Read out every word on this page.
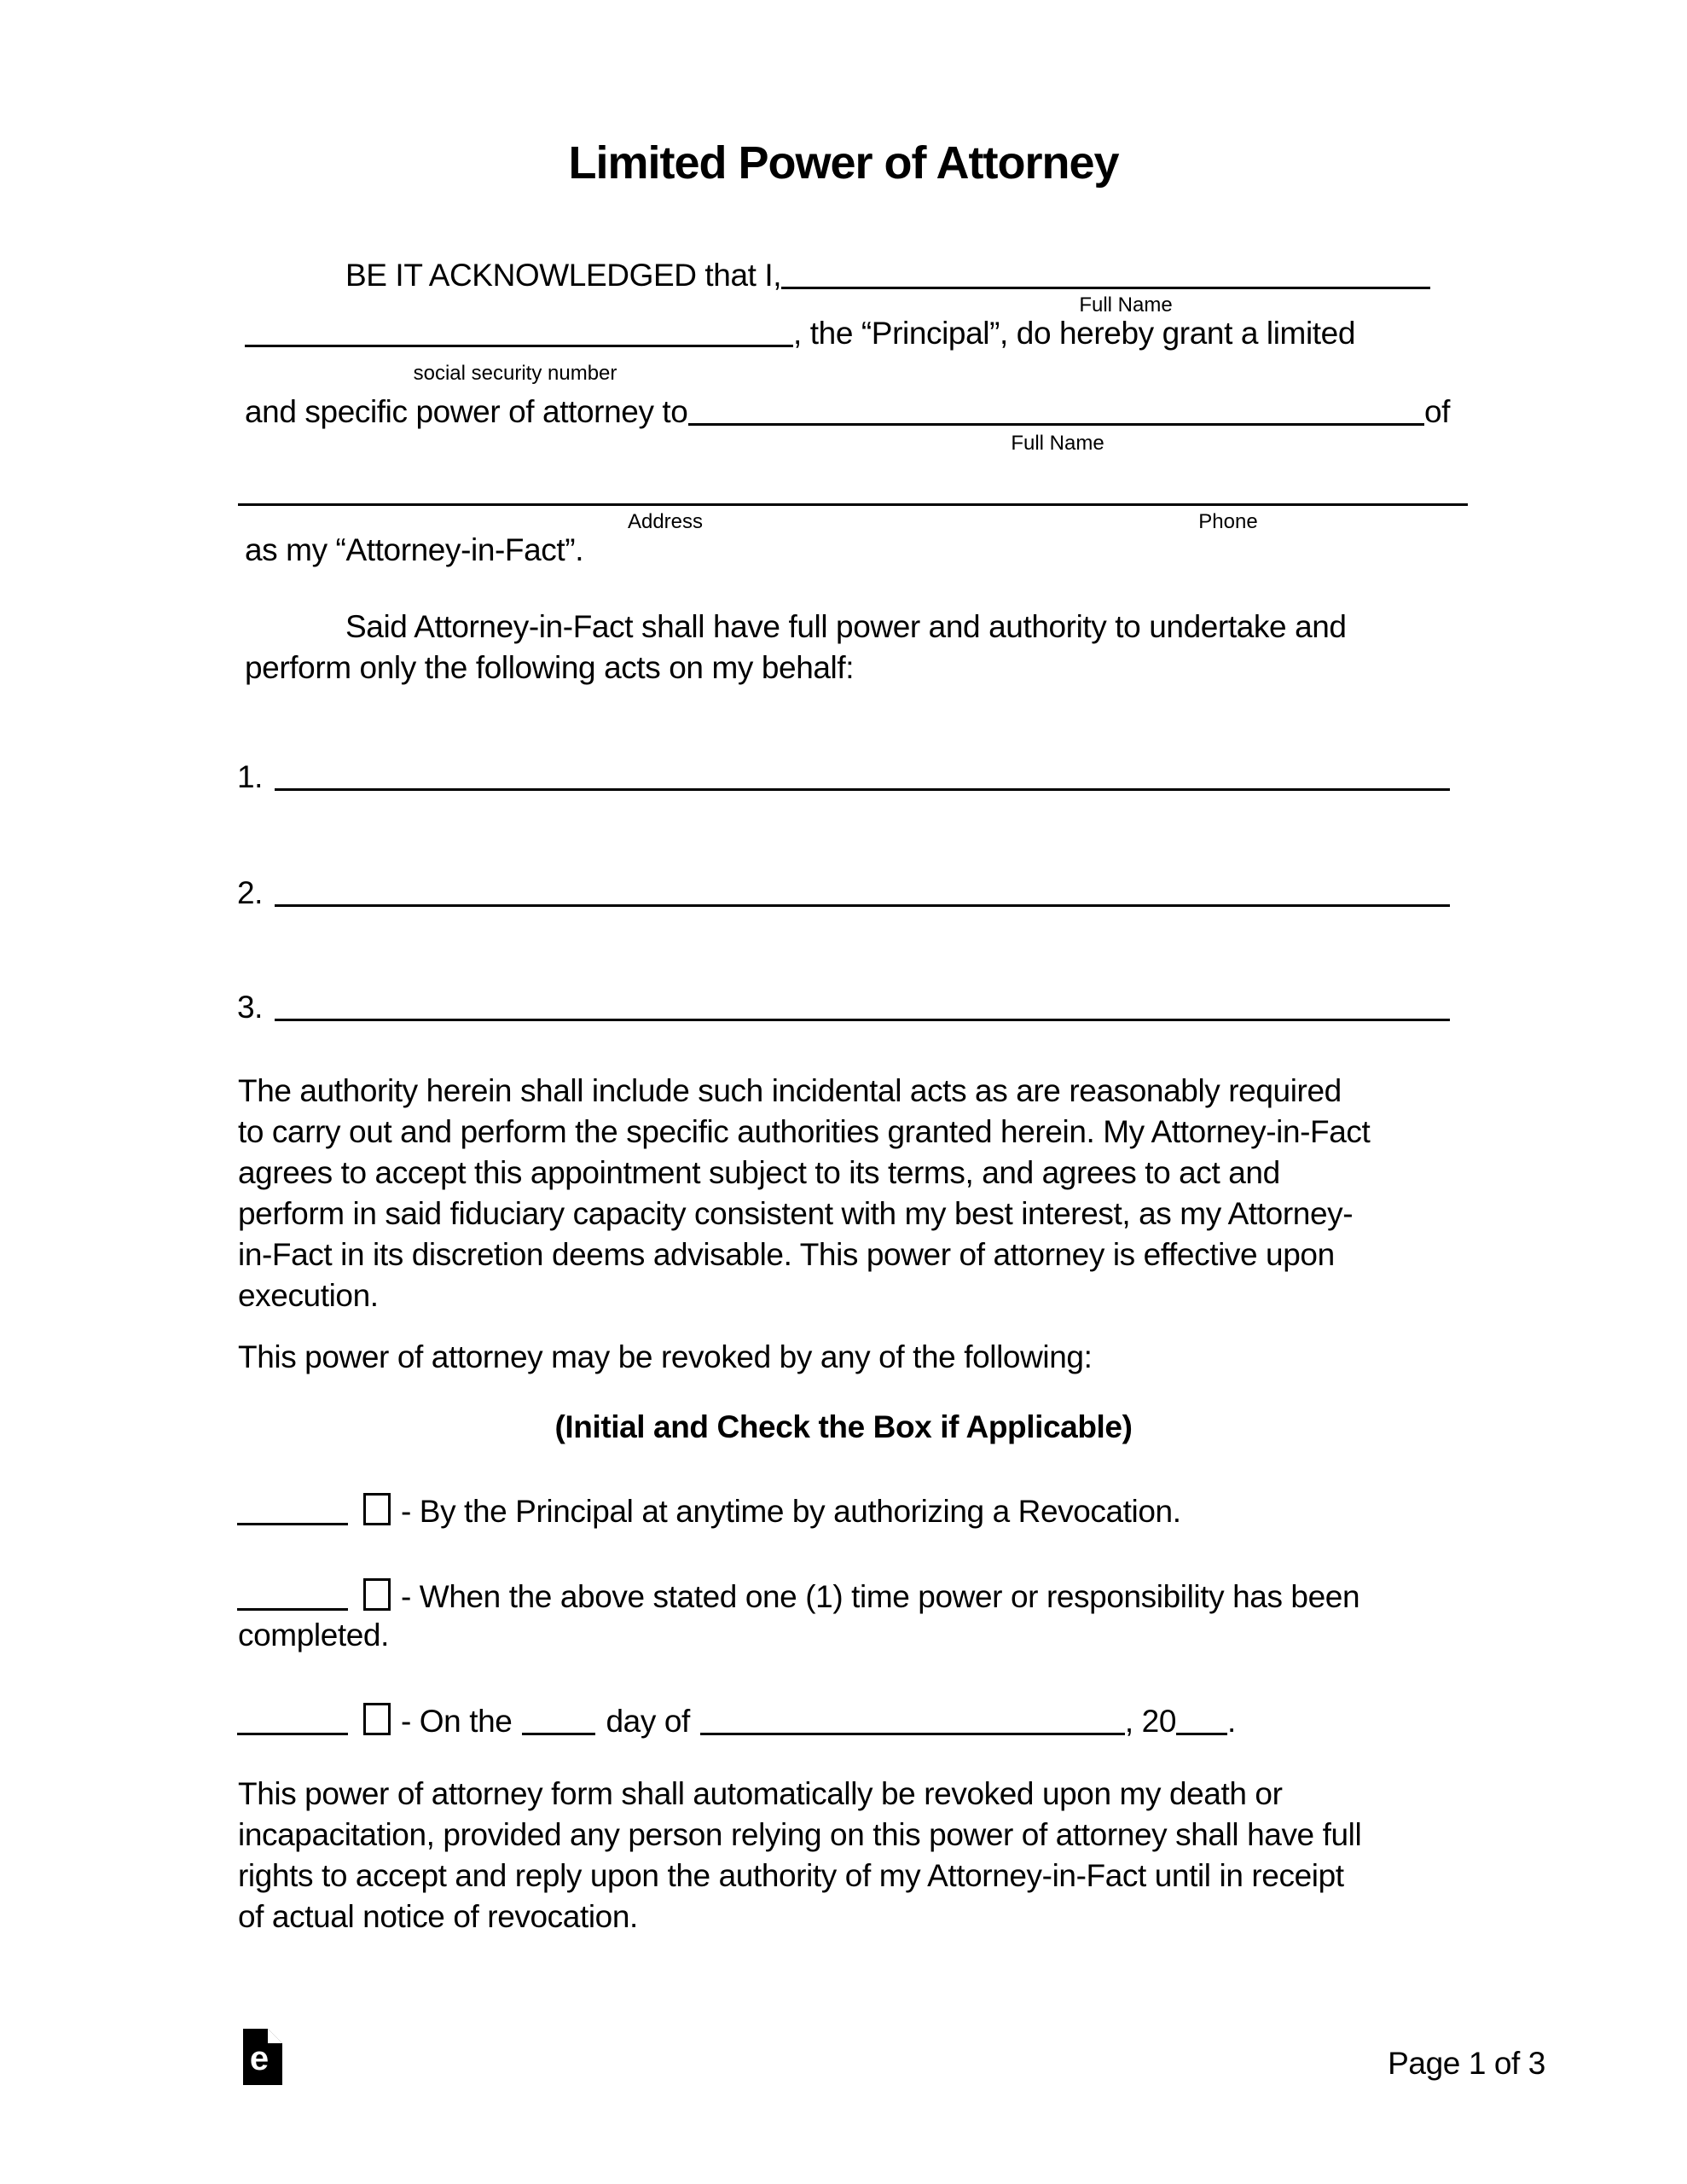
Limited Power of Attorney
BE IT ACKNOWLEDGED that I,
Full Name
, the “Principal”, do hereby grant a limited
social security number
and specific power of attorney to	of
Full Name
Address	Phone
as my “Attorney-in-Fact”.
Said Attorney-in-Fact shall have full power and authority to undertake and
perform only the following acts on my behalf:
1.
2.
3.
The authority herein shall include such incidental acts as are reasonably required
to carry out and perform the specific authorities granted herein. My Attorney-in-Fact
agrees to accept this appointment subject to its terms, and agrees to act and
perform in said fiduciary capacity consistent with my best interest, as my Attorney-
in-Fact in its discretion deems advisable. This power of attorney is effective upon
execution.
This power of attorney may be revoked by any of the following:
(Initial and Check the Box if Applicable)
- By the Principal at anytime by authorizing a Revocation.
- When the above stated one (1) time power or responsibility has been
completed.
- On the	day of	, 20 .
This power of attorney form shall automatically be revoked upon my death or
incapacitation, provided any person relying on this power of attorney shall have full
rights to accept and reply upon the authority of my Attorney-in-Fact until in receipt
of actual notice of revocation.
e	Page 1 of 3
